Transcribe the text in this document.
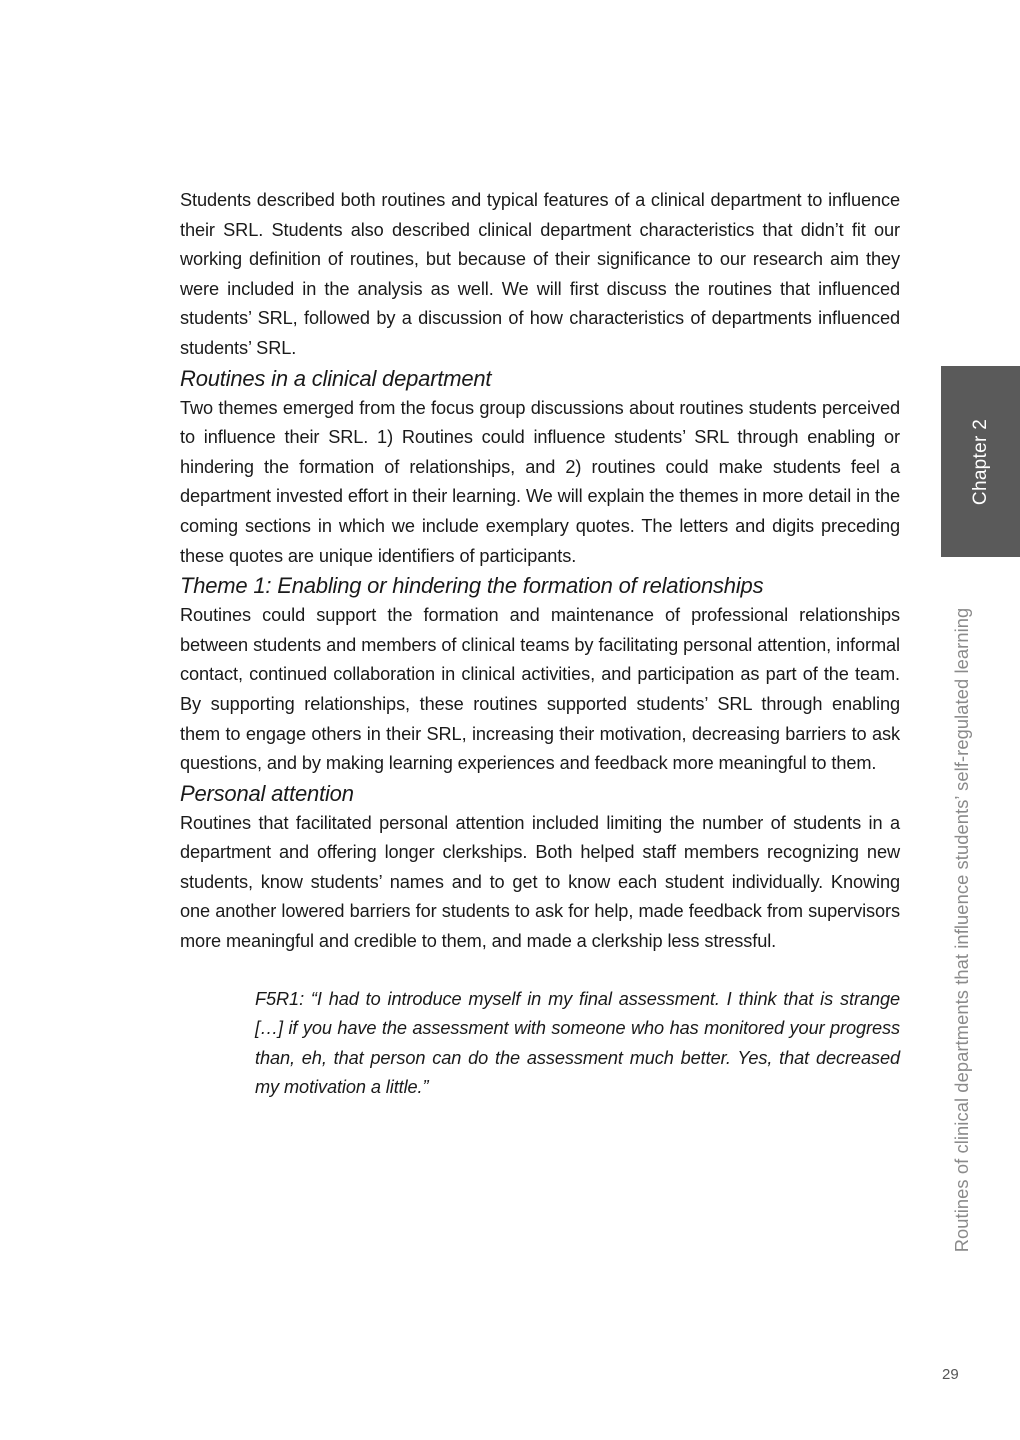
Students described both routines and typical features of a clinical department to influence their SRL. Students also described clinical department characteristics that didn’t fit our working definition of routines, but because of their significance to our research aim they were included in the analysis as well. We will first discuss the routines that influenced students’ SRL, followed by a discussion of how characteristics of departments influenced students’ SRL.

Routines in a clinical department

Two themes emerged from the focus group discussions about routines students perceived to influence their SRL. 1) Routines could influence students’ SRL through enabling or hindering the formation of relationships, and 2) routines could make students feel a department invested effort in their learning. We will explain the themes in more detail in the coming sections in which we include exemplary quotes. The letters and digits preceding these quotes are unique identifiers of participants.

Theme 1: Enabling or hindering the formation of relationships

Routines could support the formation and maintenance of professional relationships between students and members of clinical teams by facilitating personal attention, informal contact, continued collaboration in clinical activities, and participation as part of the team. By supporting relationships, these routines supported students’ SRL through enabling them to engage others in their SRL, increasing their motivation, decreasing barriers to ask questions, and by making learning experiences and feedback more meaningful to them.

Personal attention

Routines that facilitated personal attention included limiting the number of students in a department and offering longer clerkships. Both helped staff members recognizing new students, know students’ names and to get to know each student individually. Knowing one another lowered barriers for students to ask for help, made feedback from supervisors more meaningful and credible to them, and made a clerkship less stressful.

F5R1: “I had to introduce myself in my final assessment. I think that is strange […] if you have the assessment with someone who has monitored your progress than, eh, that person can do the assessment much better. Yes, that decreased my motivation a little.”

Chapter 2
Routines of clinical departments that influence students’ self-regulated learning
29
